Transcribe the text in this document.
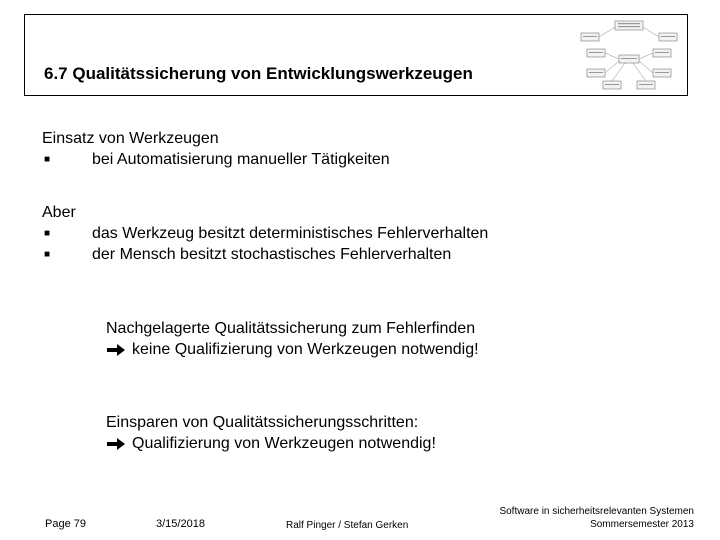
6.7 Qualitätssicherung von Entwicklungswerkzeugen
Einsatz von Werkzeugen
■	bei Automatisierung manueller Tätigkeiten
Aber
■	das Werkzeug besitzt deterministisches Fehlerverhalten
■	der Mensch besitzt stochastisches Fehlerverhalten
Nachgelagerte Qualitätssicherung zum Fehlerfinden
keine Qualifizierung von Werkzeugen notwendig!
Einsparen von Qualitätssicherungsschritten:
Qualifizierung von Werkzeugen notwendig!
Page 79	3/15/2018	Ralf Pinger / Stefan Gerken
Software in sicherheitsrelevanten Systemen
Sommersemester 2013
